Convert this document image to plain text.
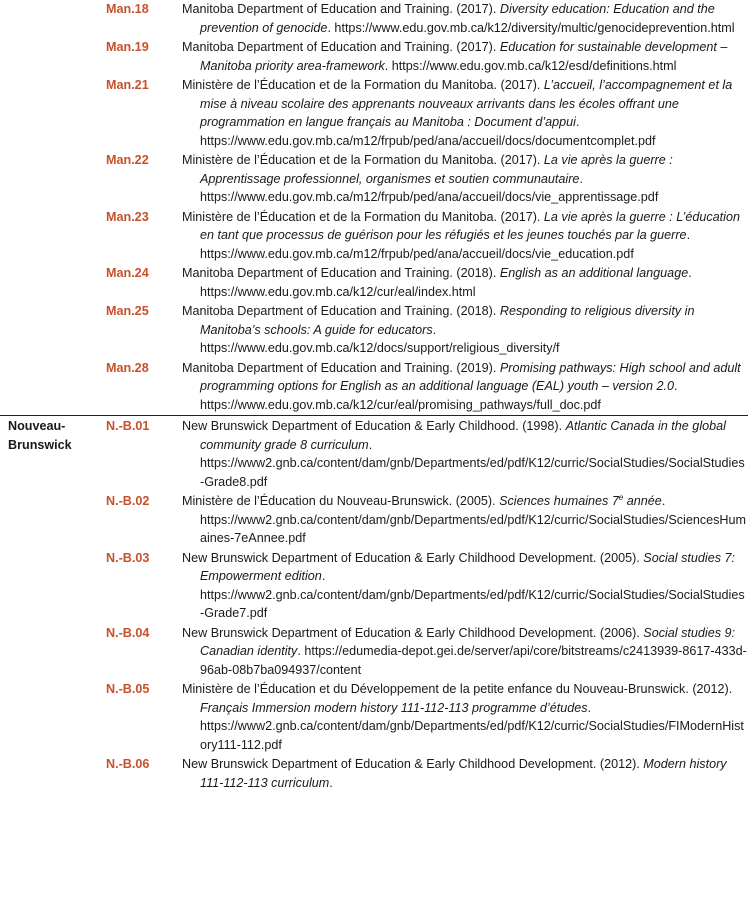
	Man.18	Manitoba Department of Education and Training. (2017). Diversity education: Education and the prevention of genocide. https://www.edu.gov.mb.ca/k12/diversity/multic/genocideprevention.html

	Man.19	Manitoba Department of Education and Training. (2017). Education for sustainable development – Manitoba priority area-framework. https://www.edu.gov.mb.ca/k12/esd/definitions.html

	Man.21	Ministère de l’Éducation et de la Formation du Manitoba. (2017). L’accueil, l’accompagnement et la mise à niveau scolaire des apprenants nouveaux arrivants dans les écoles offrant une programmation en langue français au Manitoba : Document d’appui. https://www.edu.gov.mb.ca/m12/frpub/ped/ana/accueil/docs/documentcomplet.pdf

	Man.22	Ministère de l’Éducation et de la Formation du Manitoba. (2017). La vie après la guerre : Apprentissage professionnel, organismes et soutien communautaire. https://www.edu.gov.mb.ca/m12/frpub/ped/ana/accueil/docs/vie_apprentissage.pdf

	Man.23	Ministère de l’Éducation et de la Formation du Manitoba. (2017). La vie après la guerre : L’éducation en tant que processus de guérison pour les réfugiés et les jeunes touchés par la guerre. https://www.edu.gov.mb.ca/m12/frpub/ped/ana/accueil/docs/vie_education.pdf

	Man.24	Manitoba Department of Education and Training. (2018). English as an additional language. https://www.edu.gov.mb.ca/k12/cur/eal/index.html

	Man.25	Manitoba Department of Education and Training. (2018). Responding to religious diversity in Manitoba’s schools: A guide for educators. https://www.edu.gov.mb.ca/k12/docs/support/religious_diversity/f

	Man.28	Manitoba Department of Education and Training. (2019). Promising pathways: High school and adult programming options for English as an additional language (EAL) youth – version 2.0. https://www.edu.gov.mb.ca/k12/cur/eal/promising_pathways/full_doc.pdf

Nouveau-Brunswick	N.-B.01	New Brunswick Department of Education & Early Childhood. (1998). Atlantic Canada in the global community grade 8 curriculum. https://www2.gnb.ca/content/dam/gnb/Departments/ed/pdf/K12/curric/SocialStudies/SocialStudies-Grade8.pdf

	N.-B.02	Ministère de l’Éducation du Nouveau-Brunswick. (2005). Sciences humaines 7e année. https://www2.gnb.ca/content/dam/gnb/Departments/ed/pdf/K12/curric/SocialStudies/SciencesHumaines-7eAnnee.pdf

	N.-B.03	New Brunswick Department of Education & Early Childhood Development. (2005). Social studies 7: Empowerment edition. https://www2.gnb.ca/content/dam/gnb/Departments/ed/pdf/K12/curric/SocialStudies/SocialStudies-Grade7.pdf

	N.-B.04	New Brunswick Department of Education & Early Childhood Development. (2006). Social studies 9: Canadian identity. https://edumedia-depot.gei.de/server/api/core/bitstreams/c2413939-8617-433d-96ab-08b7ba094937/content

	N.-B.05	Ministère de l’Éducation et du Développement de la petite enfance du Nouveau-Brunswick. (2012). Français Immersion modern history 111-112-113 programme d’études. https://www2.gnb.ca/content/dam/gnb/Departments/ed/pdf/K12/curric/SocialStudies/FIModernHistory111-112.pdf

	N.-B.06	New Brunswick Department of Education & Early Childhood Development. (2012). Modern history 111-112-113 curriculum.
